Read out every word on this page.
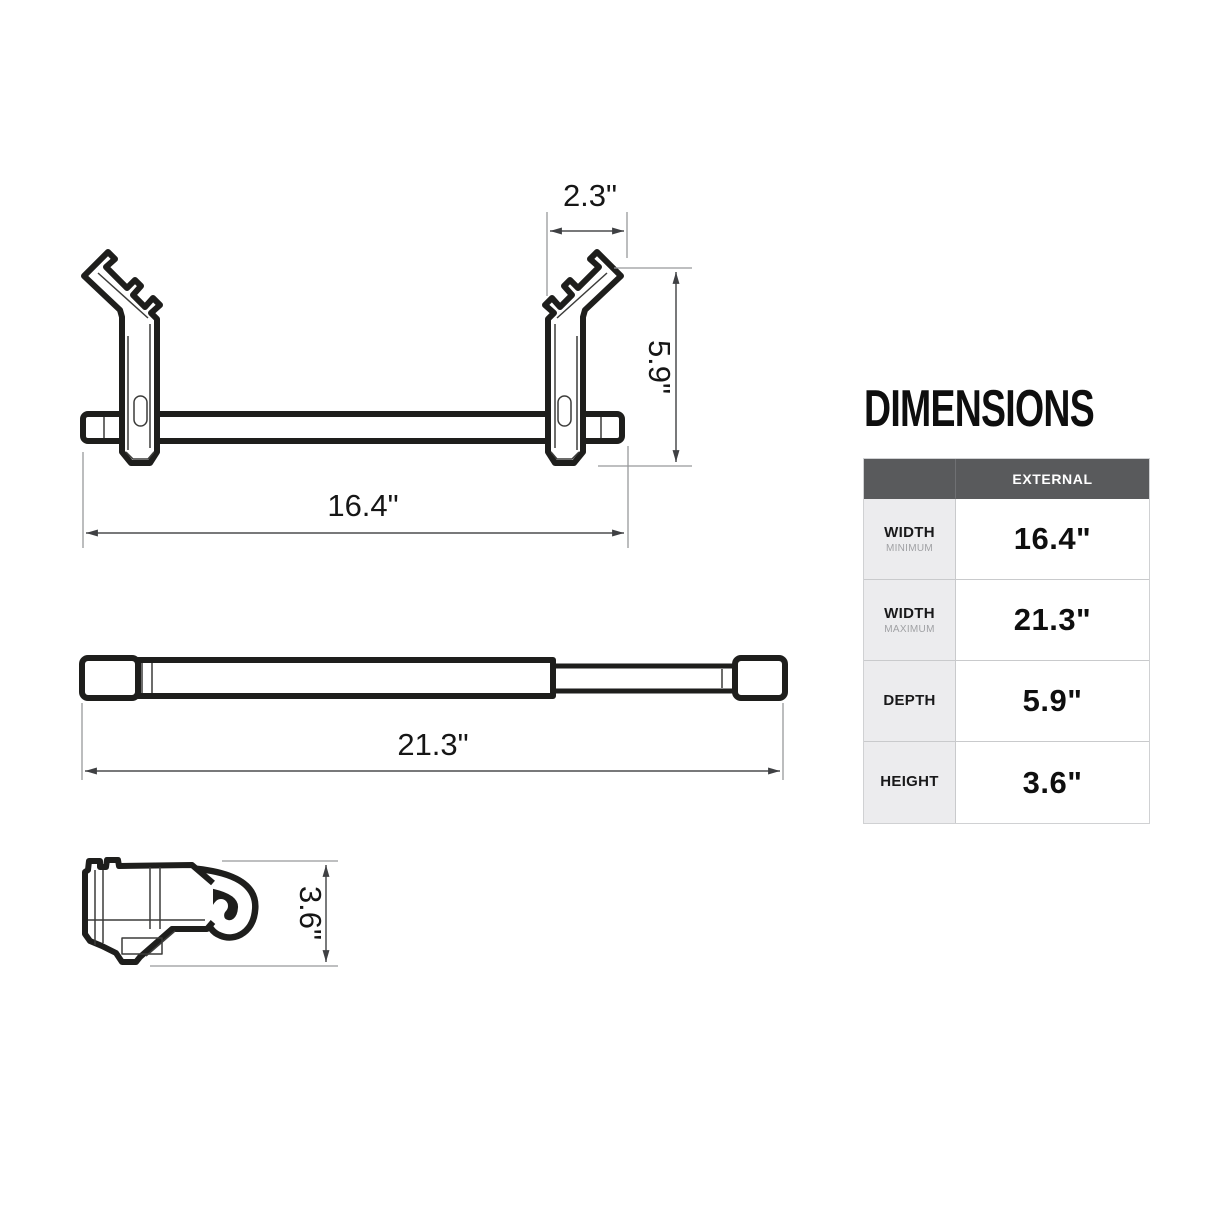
2.3"
5.9"
16.4"
21.3"
3.6"
DIMENSIONS
EXTERNAL
WIDTH
MINIMUM	16.4"
WIDTH
MAXIMUM	21.3"
DEPTH	5.9"
HEIGHT	3.6"
